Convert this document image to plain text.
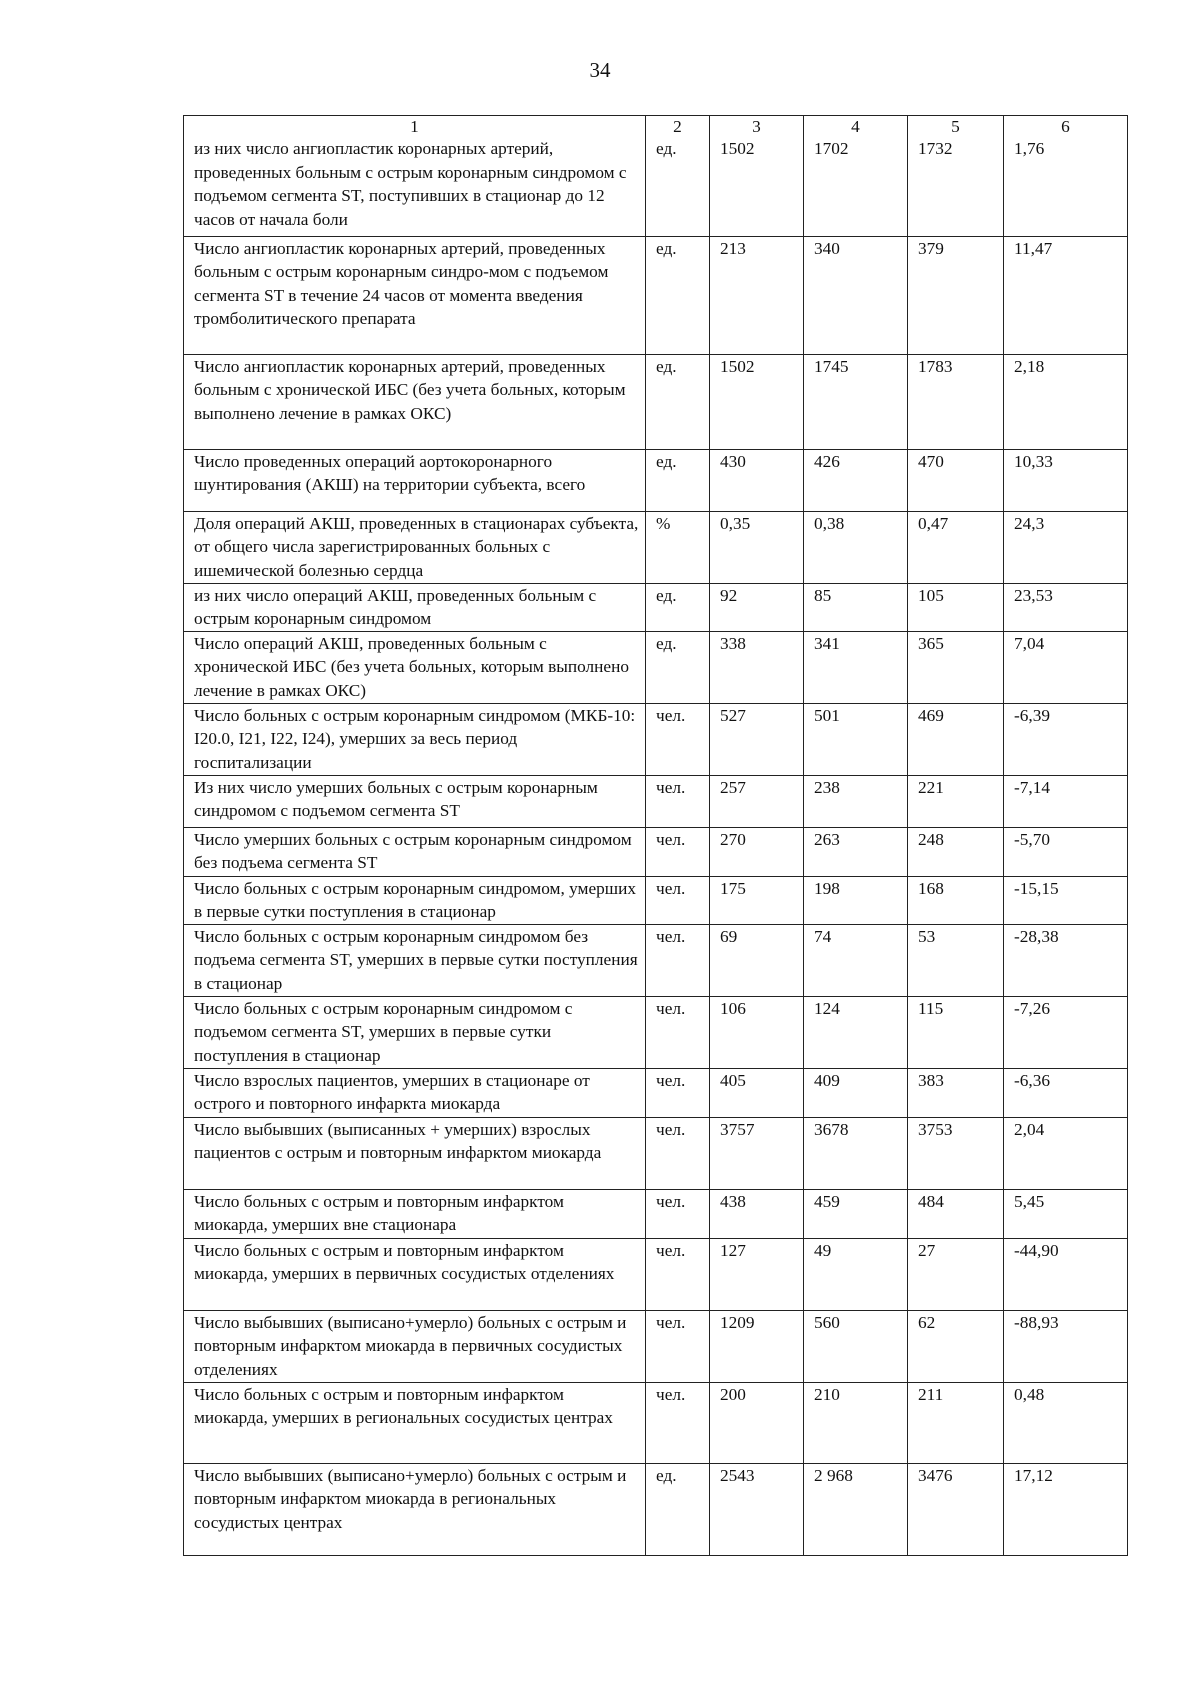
34
1	2	3	4	5	6
из них число ангиопластик коронарных артерий, проведенных больным с острым коронарным синдромом с подъемом сегмента ST, поступивших в стационар до 12 часов от начала боли	ед.	1502	1702	1732	1,76
Число ангиопластик коронарных артерий, проведенных больным с острым коронарным синдро-мом с подъемом сегмента ST в течение 24 часов от момента введения тромболитического препарата	ед.	213	340	379	11,47
Число ангиопластик коронарных артерий, проведенных больным с хронической ИБС (без учета больных, которым выполнено лечение в рамках ОКС)	ед.	1502	1745	1783	2,18
Число проведенных операций аортокоронарного шунтирования (АКШ) на территории субъекта, всего	ед.	430	426	470	10,33
Доля операций АКШ, проведенных в стационарах субъекта, от общего числа зарегистрированных больных с ишемической болезнью сердца	%	0,35	0,38	0,47	24,3
из них число операций АКШ, проведенных больным с острым коронарным синдромом	ед.	92	85	105	23,53
Число операций АКШ, проведенных больным с хронической ИБС (без учета больных, которым выполнено лечение в рамках ОКС)	ед.	338	341	365	7,04
Число больных с острым коронарным синдромом (МКБ-10: I20.0, I21, I22, I24), умерших за весь период госпитализации	чел.	527	501	469	-6,39
Из них число умерших больных с острым коронарным синдромом с подъемом сегмента ST	чел.	257	238	221	-7,14
Число умерших больных с острым коронарным синдромом без подъема сегмента ST	чел.	270	263	248	-5,70
Число больных с острым коронарным синдромом, умерших в первые сутки поступления в стационар	чел.	175	198	168	-15,15
Число больных с острым коронарным синдромом без подъема сегмента ST, умерших в первые сутки поступления в стационар	чел.	69	74	53	-28,38
Число больных с острым коронарным синдромом с подъемом сегмента ST, умерших в первые сутки поступления в стационар	чел.	106	124	115	-7,26
Число взрослых пациентов, умерших в стационаре от острого и повторного инфаркта миокарда	чел.	405	409	383	-6,36
Число выбывших (выписанных + умерших) взрослых пациентов с острым и повторным инфарктом миокарда	чел.	3757	3678	3753	2,04
Число больных с острым и повторным инфарктом миокарда, умерших вне стационара	чел.	438	459	484	5,45
Число больных с острым и повторным инфарктом миокарда, умерших в первичных сосудистых отделениях	чел.	127	49	27	-44,90
Число выбывших (выписано+умерло) больных с острым и повторным инфарктом миокарда в первичных сосудистых отделениях	чел.	1209	560	62	-88,93
Число больных с острым и повторным инфарктом миокарда, умерших в региональных сосудистых центрах	чел.	200	210	211	0,48
Число выбывших (выписано+умерло) больных с острым и повторным инфарктом миокарда в региональных сосудистых центрах	ед.	2543	2 968	3476	17,12
